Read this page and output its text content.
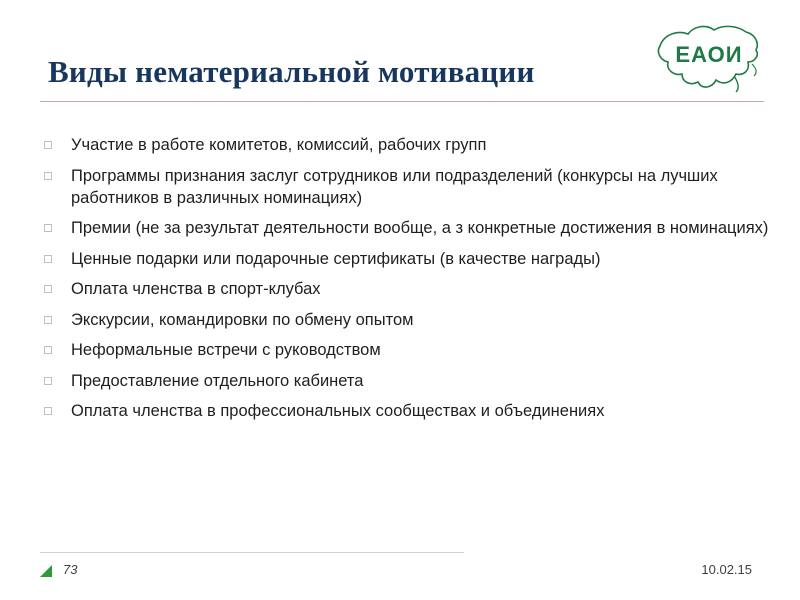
ЕАОИ
Виды нематериальной мотивации
Участие в работе комитетов, комиссий, рабочих групп
Программы признания заслуг сотрудников или подразделений (конкурсы на лучших работников в различных номинациях)
Премии (не за результат деятельности вообще, а з конкретные достижения в номинациях)
Ценные подарки или подарочные сертификаты (в качестве награды)
Оплата членства в спорт-клубах
Экскурсии, командировки по обмену опытом
Неформальные встречи с руководством
Предоставление отдельного кабинета
Оплата членства в профессиональных сообществах и объединениях
73	10.02.15
